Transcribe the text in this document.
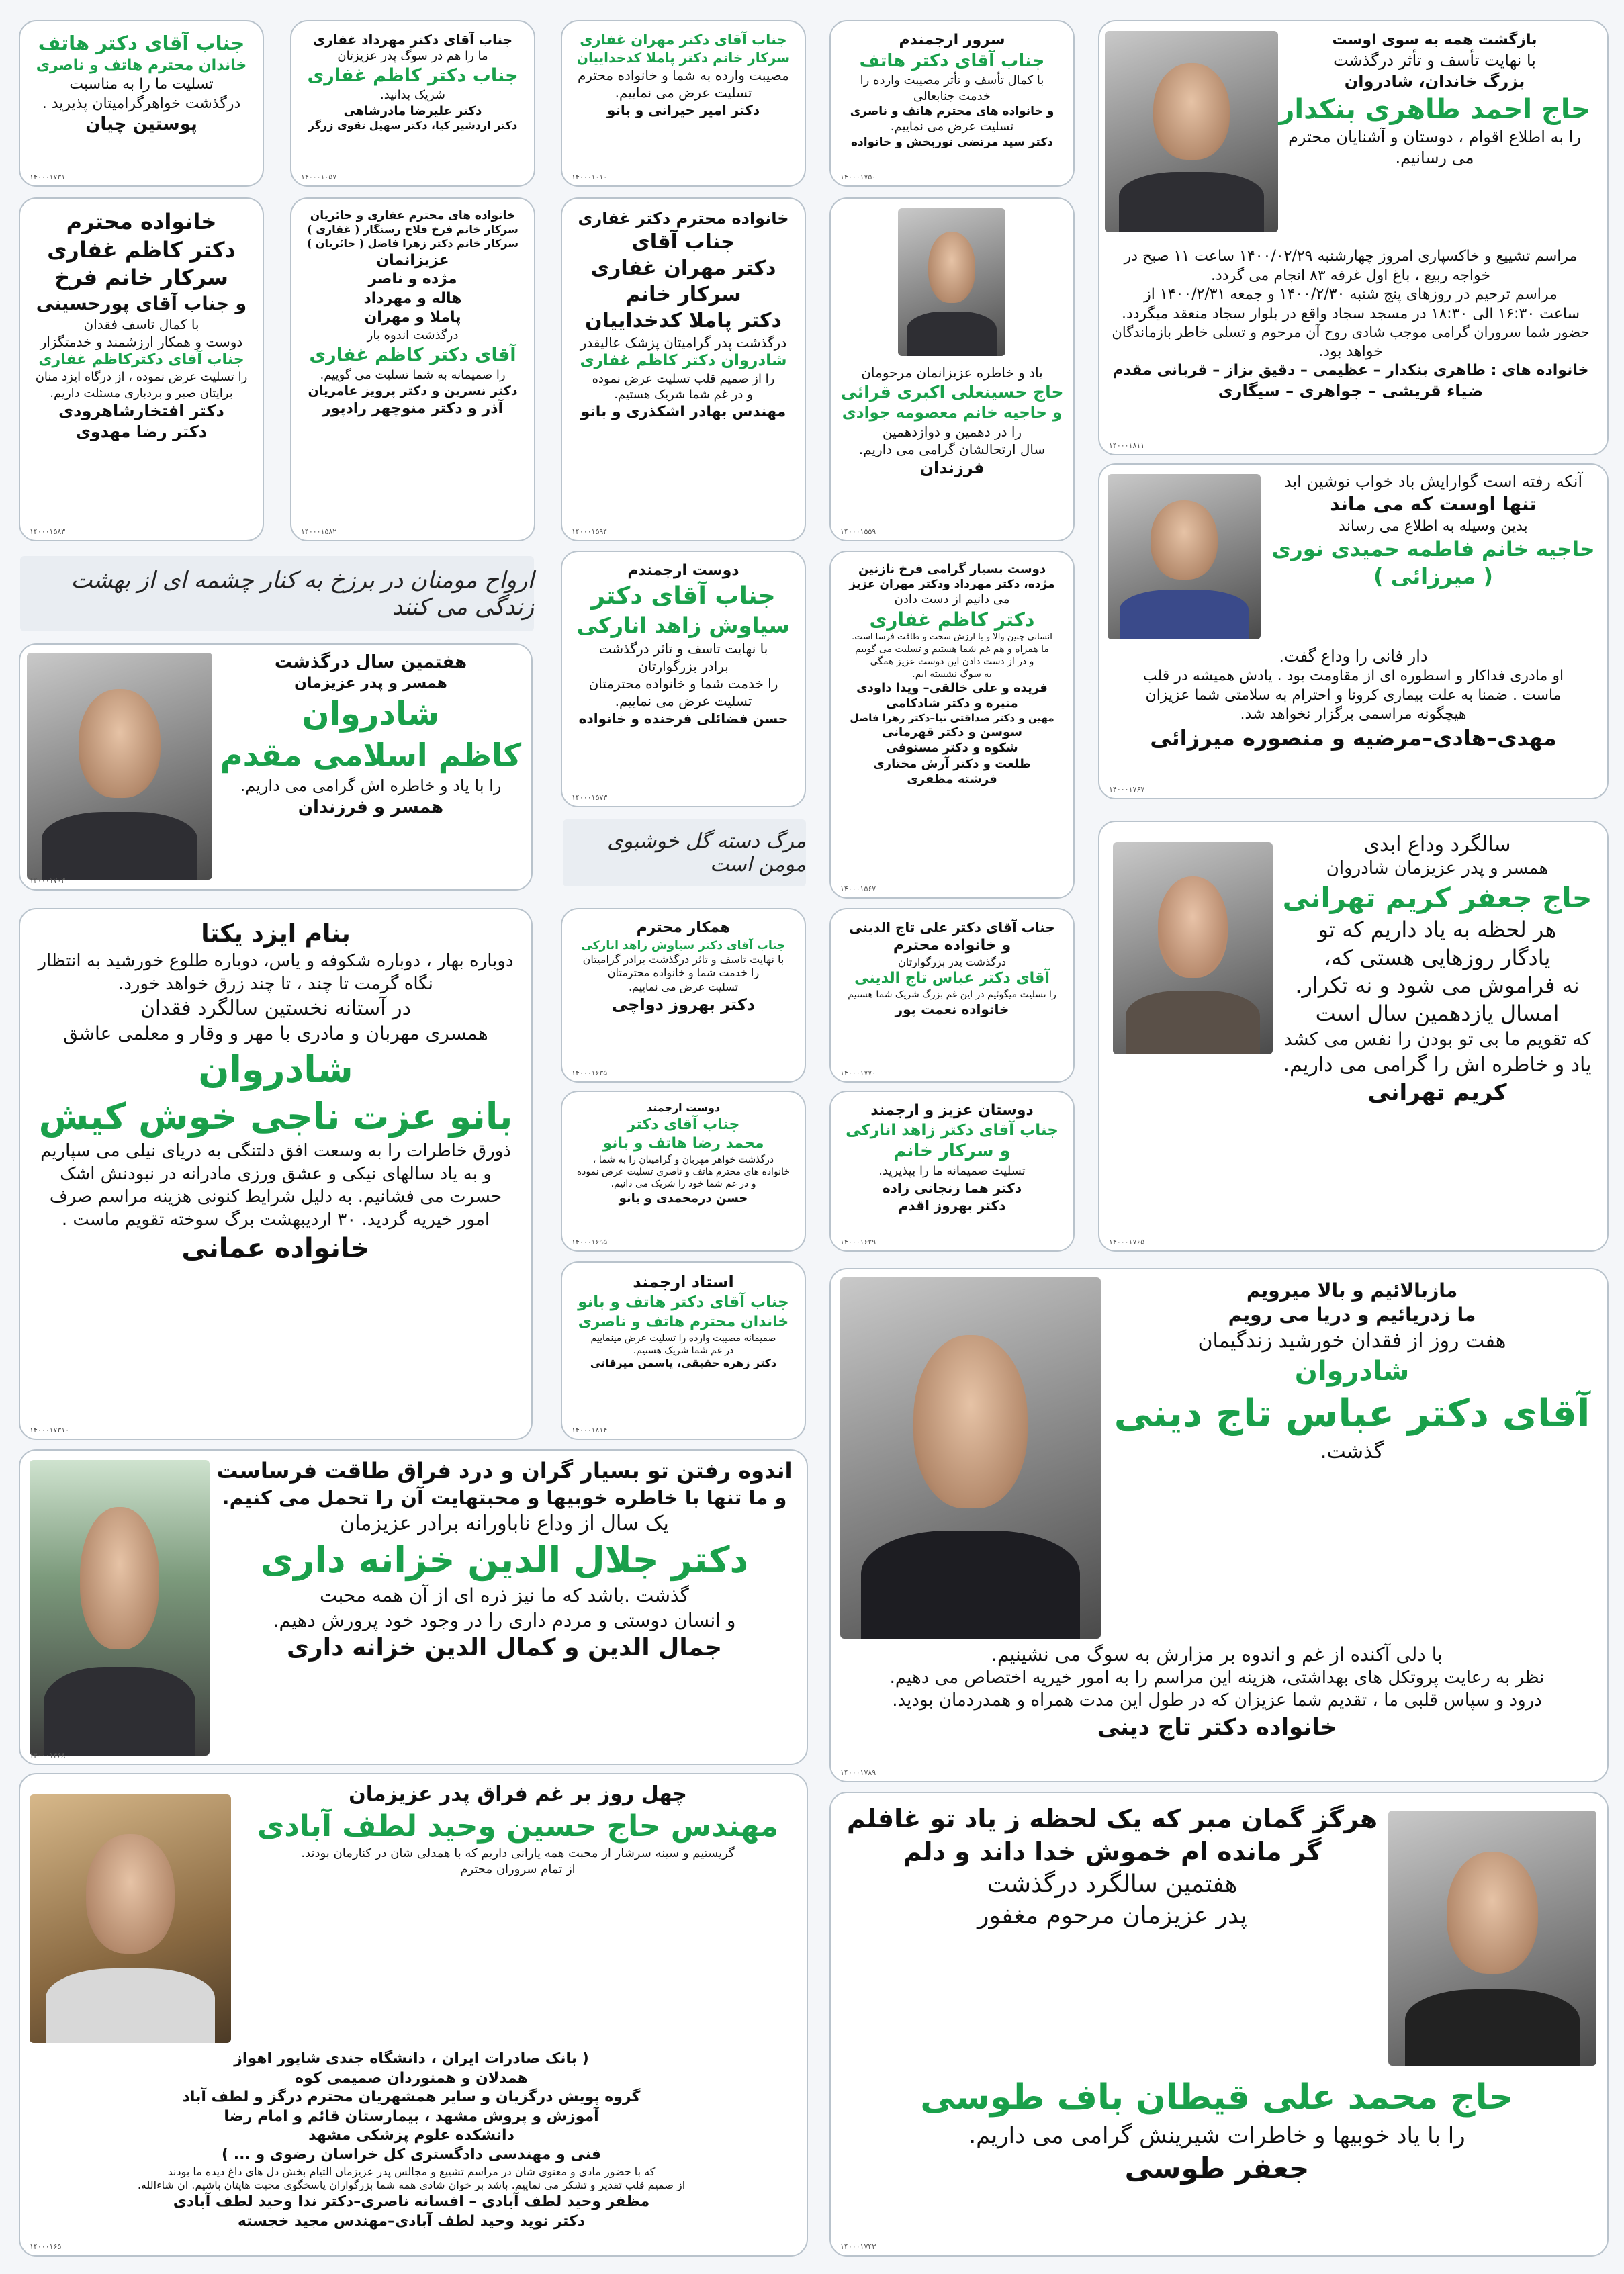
بازگشت همه به سوی اوست
با نهایت تأسف و تأثر درگذشت
بزرگ خاندان، شادروان
حاج احمد طاهری بنکدار
را به اطلاع اقوام ، دوستان و آشنایان محترم
می رسانیم.
مراسم تشییع و خاکسپاری امروز چهارشنبه ۱۴۰۰/۰۲/۲۹ ساعت ۱۱ صبح در
خواجه ربیع ، باغ اول غرفه ۸۳ انجام می گردد.
مراسم ترحیم در روزهای پنج شنبه ۱۴۰۰/۲/۳۰ و جمعه ۱۴۰۰/۲/۳۱ از
ساعت ۱۶:۳۰ الی ۱۸:۳۰ در مسجد سجاد واقع در بلوار سجاد منعقد میگردد.
حضور شما سروران گرامی موجب شادی روح آن مرحوم و تسلی خاطر بازماندگان
خواهد بود.
خانواده های : طاهری بنکدار – عظیمی – دقیق بزاز – قربانی مقدم
ضیاء قریشی – جواهری – سیگاری
۱۴۰۰۰۱۸۱۱
سرور ارجمندم
جناب آقای دکتر هاتف
با کمال تأسف و تأثر مصیبت وارده را
خدمت جنابعالی
و خانواده های محترم هاتف و ناصری
تسلیت عرض می نماییم.
دکتر سید مرتضی نوربخش و خانواده
۱۴۰۰۰۱۷۵۰
جناب آقای دکتر مهران غفاری
سرکار خانم دکتر پاملا کدخداییان
مصیبت وارده به شما و خانواده محترم
تسلیت عرض می نماییم.
دکتر امیر حیرانی و بانو
۱۴۰۰۰۱۰۱۰
جناب آقای دکتر مهرداد غفاری
ما را هم در سوگ پدر عزیزتان
جناب دکتر کاظم غفاری
شریک بدانید.
دکتر علیرضا مادرشاهی
دکتر اردشیر کیا، دکتر سهیل تقوی زرگر
۱۴۰۰۰۱۰۵۷
جناب آقای دکتر هاتف
خاندان محترم هاتف و ناصری
تسلیت ما را به مناسبت
درگذشت خواهرگرامیتان پذیرید .
پوستین چیان
۱۴۰۰۰۱۷۳۱
یاد و خاطره عزیزانمان مرحومان
حاج حسینعلی اکبری قرائی
و حاجیه خانم معصومه جوادی
را در دهمین و دوازدهمین
سال ارتحالشان گرامی می داریم.
فرزندان
۱۴۰۰۰۱۵۵۹
خانواده محترم دکتر غفاری
جناب آقای
دکتر مهران غفاری
سرکار خانم
دکتر پاملا کدخداییان
درگذشت پدر گرامیتان پزشک عالیقدر
شادروان دکتر کاظم غفاری
را از صمیم قلب تسلیت عرض نموده
و در غم شما شریک هستیم.
مهندس بهادر اشکذری و بانو
۱۴۰۰۰۱۵۹۴
خانواده های محترم غفاری و حائریان
سرکار خانم فرخ فلاح رسنگار ( غفاری )
سرکار خانم دکتر زهرا فاضل ( حائریان )
عزیزانمان
مژده و ناصر
هاله و مهرداد
پاملا و مهران
درگذشت اندوه بار
آقای دکتر کاظم غفاری
را صمیمانه به شما تسلیت می گوییم.
دکتر نسرین و دکتر پرویز عامریان
آذر و دکتر منوچهر رادپور
۱۴۰۰۰۱۵۸۲
خانواده محترم
دکتر کاظم غفاری
سرکار خانم فرخ
و جناب آقای پورحسینی
با کمال تاسف فقدان
دوست و همکار ارزشمند و خدمتگزار
جناب آقای دکترکاظم غفاری
را تسلیت عرض نموده ، از درگاه ایزد منان
برایتان صبر و بردباری مسئلت داریم.
دکتر افتخارشاهرودی
دکتر رضا مهدوی
۱۴۰۰۰۱۵۸۳
آنکه رفته است گوارایش باد خواب نوشین ابد
تنها اوست که می ماند
بدین وسیله به اطلاع می رساند
حاجیه خانم فاطمه حمیدی نوری
( میرزائی )
دار فانی را وداع گفت.
او مادری فداکار و اسطوره ای از مقاومت بود . یادش همیشه در قلب
ماست . ضمنا به علت بیماری کرونا و احترام به سلامتی شما عزیزان
هیچگونه مراسمی برگزار نخواهد شد.
مهدی–هادی–مرضیه و منصوره میرزائی
۱۴۰۰۰۱۷۶۷
ارواح مومنان در برزخ به کنار چشمه ای از بهشت زندگی می کنند
دوست بسیار گرامی فرخ نازنین
مژده، دکتر مهرداد ودکتر مهران عزیز
می دانیم از دست دادن
دکتر کاظم غفاری
انسانی چنین والا و با ارزش سخت و طاقت فرسا است.
ما همراه و هم غم شما هستیم و تسلیت می گوییم
و در از دست دادن این دوست عزیز همگی
به سوگ نشسته ایم.
فریده و علی خالقی– ویدا داودی
منیره و دکتر شادکامی
مهین و دکتر صداقتی نیا–دکتر زهرا فاضل
سوسن و دکتر قهرمانی
شکوه و دکتر مستوفی
طلعت و دکتر آرش مختاری
فرشته مظفری
۱۴۰۰۰۱۵۶۷
دوست ارجمندم
جناب آقای دکتر
سیاوش زاهد انارکی
با نهایت تاسف و تاثر درگذشت
برادر بزرگوارتان
را خدمت شما و خانواده محترمتان
تسلیت عرض می نماییم.
حسن فضائلی فرخنده و خانواده
۱۴۰۰۰۱۵۷۳
هفتمین سال درگذشت
همسر و پدر عزیزمان
شادروان
کاظم اسلامی مقدم
را با یاد و خاطره اش گرامی می داریم.
همسر و فرزندان
۱۴۰۰۰۱۷۰۳
مرگ دسته گل خوشبوی مومن است
سالگرد وداع ابدی
همسر و پدر عزیزمان شادروان
حاج جعفر کریم تهرانی
هر لحظه به یاد داریم که تو
یادگار روزهایی هستی که،
نه فراموش می شود و نه تکرار.
امسال یازدهمین سال است
که تقویم ما بی تو بودن را نفس می کشد
یاد و خاطره اش را گرامی می داریم.
کریم تهرانی
۱۴۰۰۰۱۷۶۵
بنام ایزد یکتا
دوباره بهار ، دوباره شکوفه و یاس، دوباره طلوع خورشید به انتظار
نگاه گرمت تا چند ، تا چند زرق خواهد خورد.
در آستانه نخستین سالگرد فقدان
همسری مهربان و مادری با مهر و وقار و معلمی عاشق
شادروان
بانو عزت ناجی خوش کیش
ذورق خاطرات را به وسعت افق دلتنگی به دریای نیلی می سپاریم
و به یاد سالهای نیکی و عشق ورزی مادرانه در نبودنش اشک
حسرت می فشانیم. به دلیل شرایط کنونی هزینه مراسم صرف
امور خیریه گردید. ۳۰ اردیبهشت برگ سوخته تقویم ماست .
خانواده عمانی
۱۴۰۰۰۱۷۳۱۰
همکار محترم
جناب آقای دکتر سیاوش زاهد انارکی
با نهایت تاسف و تاثر درگذشت برادر گرامیتان
را خدمت شما و خانواده محترمتان
تسلیت عرض می نماییم.
دکتر بهروز دواچی
۱۴۰۰۰۱۶۳۵
جناب آقای دکتر علی تاج الدینی
و خانواده محترم
درگذشت پدر بزرگوارتان
آقای دکتر عباس تاج الدینی
را تسلیت میگوئیم در این غم بزرگ شریک شما هستیم
خانواده نعمت پور
۱۴۰۰۰۱۷۷۰
دوست ارجمند
جناب آقای دکتر
محمد رضا هاتف و بانو
درگذشت خواهر مهربان و گرامیتان را به شما ،
خانواده های محترم هاتف و ناصری تسلیت عرض نموده
و در غم شما خود را شریک می دانیم.
حسن درمحمدی و بانو
۱۴۰۰۰۱۶۹۵
دوستان عزیز و ارجمند
جناب آقای دکتر زاهد انارکی
و سرکار خانم
تسلیت صمیمانه ما را بپذیرید.
دکتر هما زنجانی زاده
دکتر بهروز اقدم
۱۴۰۰۰۱۶۲۹
استاد ارجمند
جناب آقای دکتر هاتف و بانو
خاندان محترم هاتف و ناصری
صمیمانه مصیبت وارده را تسلیت عرض مینماییم
در غم شما شریک هستیم.
دکتر زهره حقیقی، یاسمن میرقانی
۱۴۰۰۰۱۸۱۴
مازبالائیم و بالا میرویم
ما زدریائیم و دریا می رویم
هفت روز از فقدان خورشید زندگیمان
شادروان
آقای دکتر عباس تاج دینی
گذشت.
با دلی آکنده از غم و اندوه بر مزارش به سوگ می نشینیم.
نظر به رعایت پروتکل های بهداشتی، هزینه این مراسم را به امور خیریه اختصاص می دهیم.
درود و سپاس قلبی ما ، تقدیم شما عزیزان که در طول این مدت همراه و همدردمان بودید.
خانواده دکتر تاج دینی
۱۴۰۰۰۱۷۸۹
اندوه رفتن تو بسیار گران و درد فراق طاقت فرساست
و ما تنها با خاطره خوبیها و محبتهایت آن را تحمل می کنیم.
یک سال از وداع ناباورانه برادر عزیزمان
دکتر جلال الدین خزانه داری
گذشت .باشد که ما نیز ذره ای از آن همه محبت
و انسان دوستی و مردم داری را در وجود خود پرورش دهیم.
جمال الدین و کمال الدین خزانه داری
۱۴۰۰۰۱۴۶۸
چهل روز بر غم فراق پدر عزیزمان
مهندس حاج حسین وحید لطف آبادی
گریستیم و سینه سرشار از محبت همه یارانی داریم که با همدلی شان در کنارمان بودند.
از تمام سروران محترم
( بانک صادرات ایران ، دانشگاه جندی شاپور اهواز
همدلان و همنوردان صمیمی کوه
گروه پویش درگزیان و سایر همشهریان محترم درگز و لطف آباد
آموزش و پروش مشهد ، بیمارستان قائم و امام رضا
دانشکده علوم پزشکی مشهد
فنی و مهندسی دادگستری کل خراسان رضوی و ... )
که با حضور مادی و معنوی شان در مراسم تشییع و مجالس پدر عزیزمان التیام بخش دل های داغ دیده ما بودند
از صمیم قلب تقدیر و تشکر می نماییم. باشد بر خوان شادی همه شما بزرگواران پاسخگوی محبت هایتان باشیم. ان شاءالله.
مظفر وحید لطف آبادی – افسانه ناصری–دکتر ندا وحید لطف آبادی
دکتر نوید وحید لطف آبادی–مهندس مجید خجسته
۱۴۰۰۰۱۶۵
هرگز گمان مبر که یک لحظه ز یاد تو غافلم
گر مانده ام خموش خدا داند و دلم
هفتمین سالگرد درگذشت
پدر عزیزمان مرحوم مغفور
حاج محمد علی قیطان باف طوسی
را با یاد خوبیها و خاطرات شیرینش گرامی می داریم.
جعفر طوسی
۱۴۰۰۰۱۷۴۳
